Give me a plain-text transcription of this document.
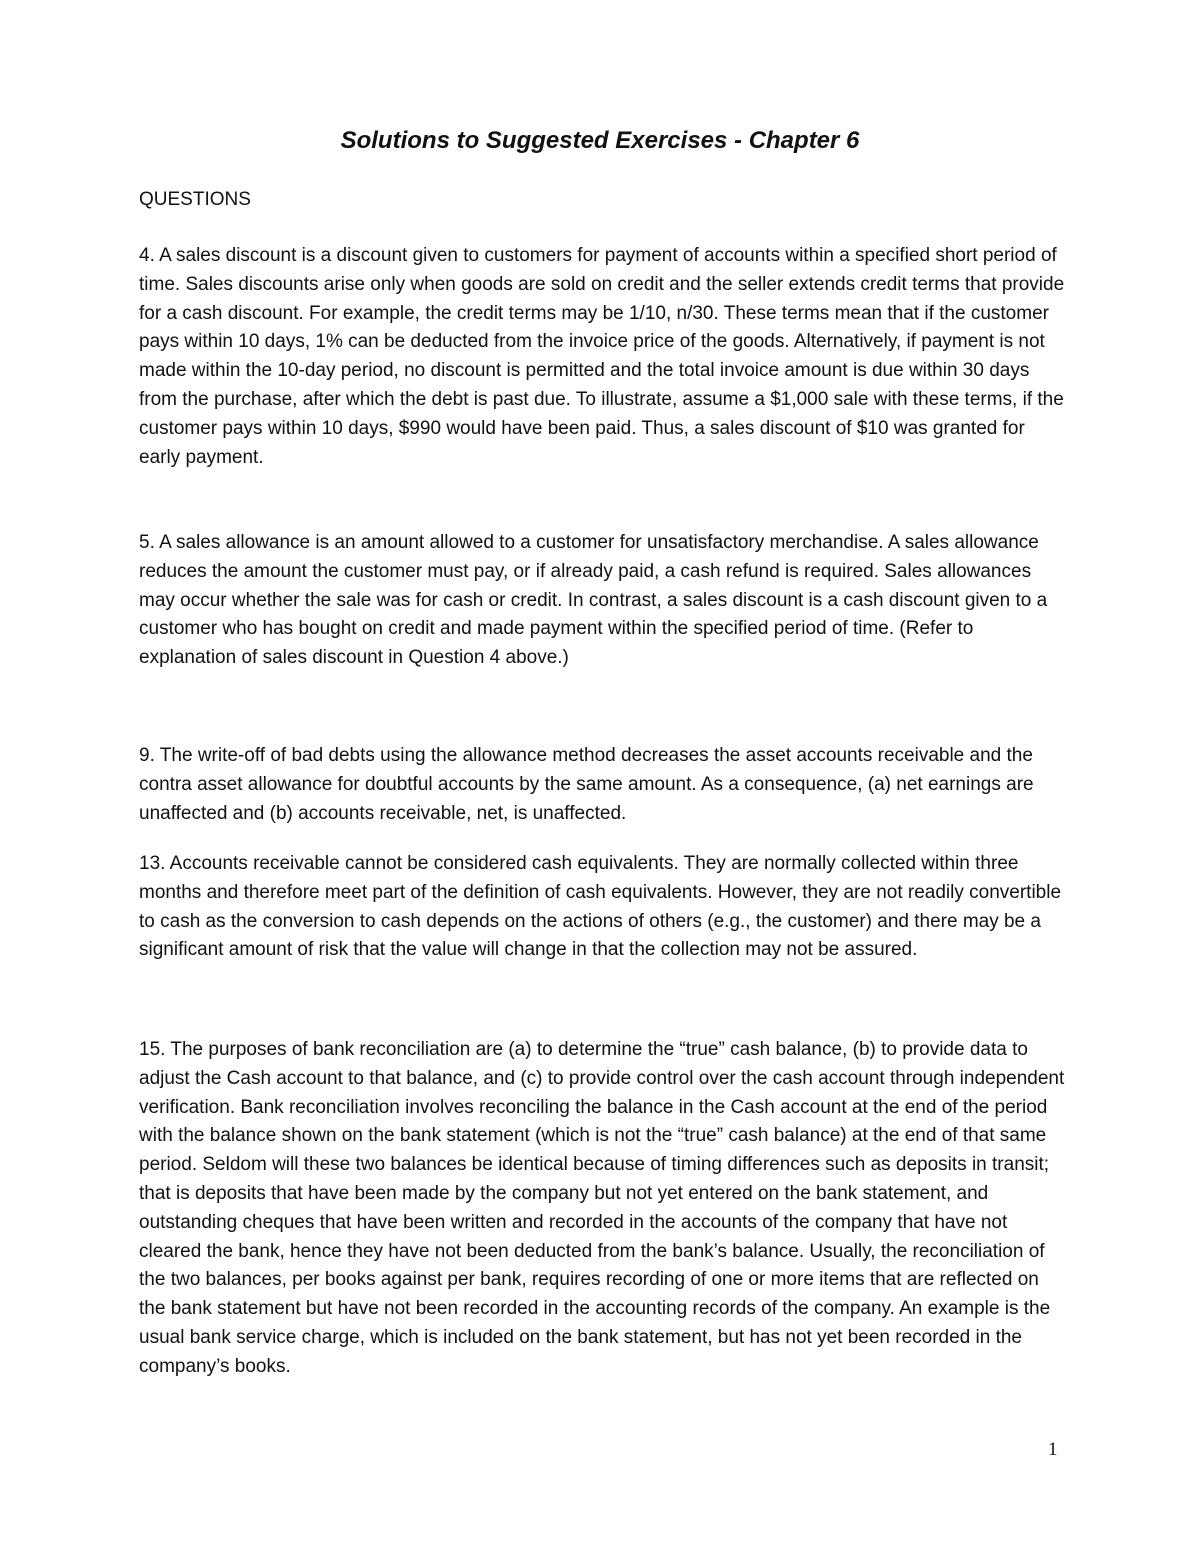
Solutions to Suggested Exercises - Chapter 6
QUESTIONS

4. A sales discount is a discount given to customers for payment of accounts within a specified short period of time. Sales discounts arise only when goods are sold on credit and the seller extends credit terms that provide for a cash discount. For example, the credit terms may be 1/10, n/30. These terms mean that if the customer pays within 10 days, 1% can be deducted from the invoice price of the goods. Alternatively, if payment is not made within the 10-day period, no discount is permitted and the total invoice amount is due within 30 days from the purchase, after which the debt is past due. To illustrate, assume a $1,000 sale with these terms, if the customer pays within 10 days, $990 would have been paid. Thus, a sales discount of $10 was granted for early payment.

5. A sales allowance is an amount allowed to a customer for unsatisfactory merchandise. A sales allowance reduces the amount the customer must pay, or if already paid, a cash refund is required. Sales allowances may occur whether the sale was for cash or credit. In contrast, a sales discount is a cash discount given to a customer who has bought on credit and made payment within the specified period of time. (Refer to explanation of sales discount in Question 4 above.)

9. The write-off of bad debts using the allowance method decreases the asset accounts receivable and the contra asset allowance for doubtful accounts by the same amount. As a consequence, (a) net earnings are unaffected and (b) accounts receivable, net, is unaffected.

13. Accounts receivable cannot be considered cash equivalents. They are normally collected within three months and therefore meet part of the definition of cash equivalents. However, they are not readily convertible to cash as the conversion to cash depends on the actions of others (e.g., the customer) and there may be a significant amount of risk that the value will change in that the collection may not be assured.

15. The purposes of bank reconciliation are (a) to determine the “true” cash balance, (b) to provide data to adjust the Cash account to that balance, and (c) to provide control over the cash account through independent verification. Bank reconciliation involves reconciling the balance in the Cash account at the end of the period with the balance shown on the bank statement (which is not the “true” cash balance) at the end of that same period. Seldom will these two balances be identical because of timing differences such as deposits in transit; that is deposits that have been made by the company but not yet entered on the bank statement, and outstanding cheques that have been written and recorded in the accounts of the company that have not cleared the bank, hence they have not been deducted from the bank’s balance. Usually, the reconciliation of the two balances, per books against per bank, requires recording of one or more items that are reflected on the bank statement but have not been recorded in the accounting records of the company. An example is the usual bank service charge, which is included on the bank statement, but has not yet been recorded in the company’s books.

1
